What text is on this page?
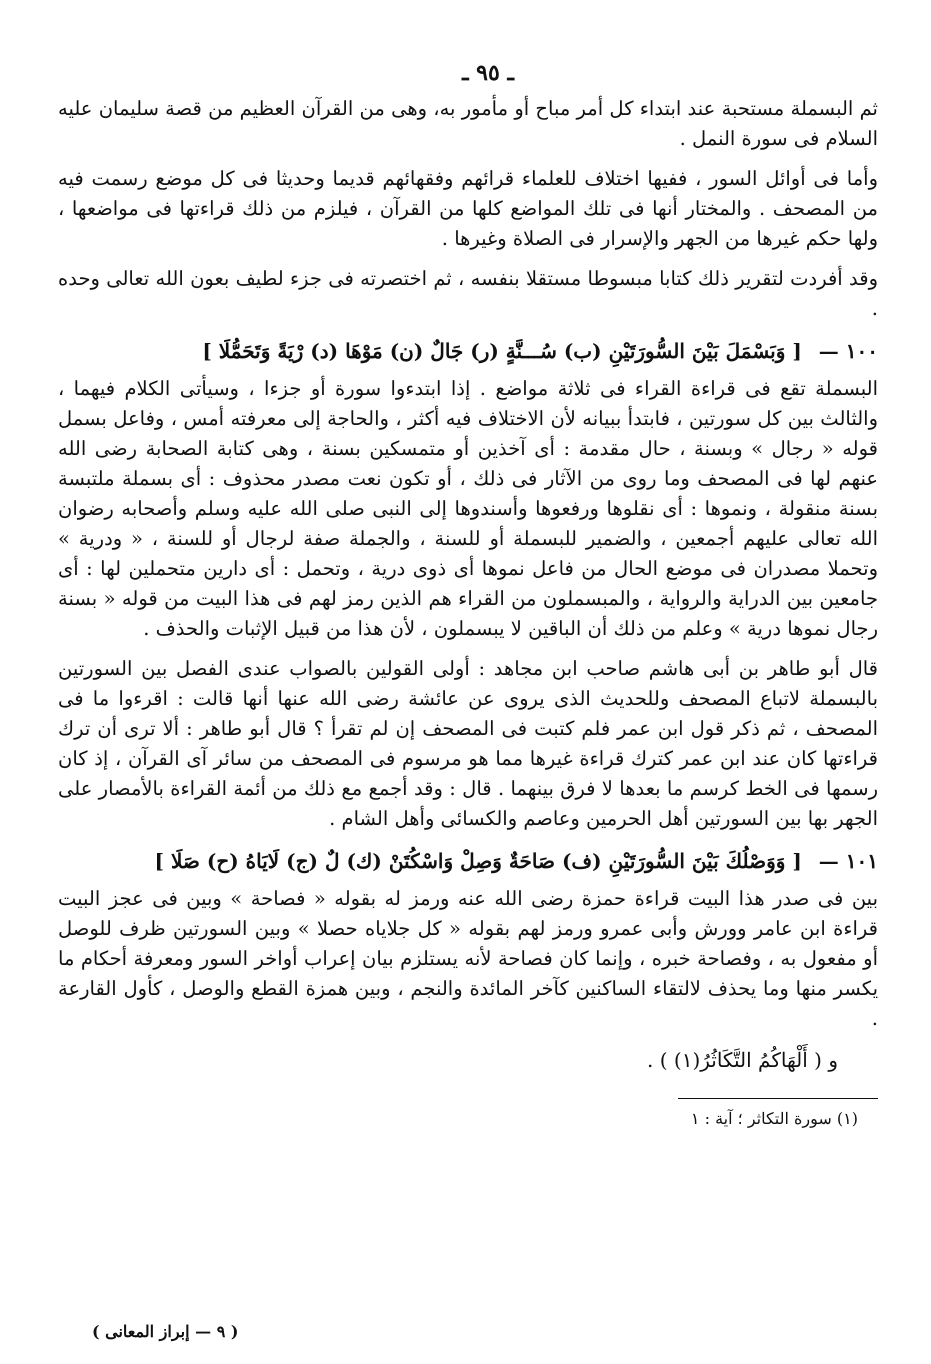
ـ ٩٥ ـ

ثم البسملة مستحبة عند ابتداء كل أمر مباح أو مأمور به، وهى من القرآن العظيم من قصة سليمان عليه السلام فى سورة النمل .

وأما فى أوائل السور ، ففيها اختلاف للعلماء قرائهم وفقهائهم قديما وحديثا فى كل موضع رسمت فيه من المصحف . والمختار أنها فى تلك المواضع كلها من القرآن ، فيلزم من ذلك قراءتها فى مواضعها ، ولها حكم غيرها من الجهر والإسرار فى الصلاة وغيرها .

وقد أفردت لتقرير ذلك كتابا مبسوطا مستقلا بنفسه ، ثم اختصرته فى جزء لطيف بعون الله تعالى وحده .

١٠٠ — [ وَبَسْمَلَ بَيْنَ السُّورَتَيْنِ (ب) سُـــنَّةٍ (ر) جَالٌ (ن) مَوْهَا (د) رْيَةً وَتَحَمُّلَا ]

البسملة تقع فى قراءة القراء فى ثلاثة مواضع . إذا ابتدءوا سورة أو جزءا ، وسيأتى الكلام فيهما ، والثالث بين كل سورتين ، فابتدأ ببيانه لأن الاختلاف فيه أكثر ، والحاجة إلى معرفته أمس ، وفاعل بسمل قوله « رجال » وبسنة ، حال مقدمة : أى آخذين أو متمسكين بسنة ، وهى كتابة الصحابة رضى الله عنهم لها فى المصحف وما روى من الآثار فى ذلك ، أو تكون نعت مصدر محذوف : أى بسملة ملتبسة بسنة منقولة ، ونموها : أى نقلوها ورفعوها وأسندوها إلى النبى صلى الله عليه وسلم وأصحابه رضوان الله تعالى عليهم أجمعين ، والضمير للبسملة أو للسنة ، والجملة صفة لرجال أو للسنة ، « ودرية » وتحملا مصدران فى موضع الحال من فاعل نموها أى ذوى درية ، وتحمل : أى دارين متحملين لها : أى جامعين بين الدراية والرواية ، والمبسملون من القراء هم الذين رمز لهم فى هذا البيت من قوله « بسنة رجال نموها درية » وعلم من ذلك أن الباقين لا يبسملون ، لأن هذا من قبيل الإثبات والحذف .

قال أبو طاهر بن أبى هاشم صاحب ابن مجاهد : أولى القولين بالصواب عندى الفصل بين السورتين بالبسملة لاتباع المصحف وللحديث الذى يروى عن عائشة رضى الله عنها أنها قالت : اقرءوا ما فى المصحف ، ثم ذكر قول ابن عمر فلم كتبت فى المصحف إن لم تقرأ ؟ قال أبو طاهر : ألا ترى أن ترك قراءتها كان عند ابن عمر كترك قراءة غيرها مما هو مرسوم فى المصحف من سائر آى القرآن ، إذ كان رسمها فى الخط كرسم ما بعدها لا فرق بينهما . قال : وقد أجمع مع ذلك من أئمة القراءة بالأمصار على الجهر بها بين السورتين أهل الحرمين وعاصم والكسائى وأهل الشام .

١٠١ — [ وَوَصْلُكَ بَيْنَ السُّورَتَيْنِ (ف) صَاحَةٌ وَصِلْ وَاسْكُتَنْ (ك) لٌ (ج) لَايَاهُ (ح) صَلَا ]

بين فى صدر هذا البيت قراءة حمزة رضى الله عنه ورمز له بقوله « فصاحة » وبين فى عجز البيت قراءة ابن عامر وورش وأبى عمرو ورمز لهم بقوله « كل جلاياه حصلا » وبين السورتين ظرف للوصل أو مفعول به ، وفصاحة خبره ، وإنما كان فصاحة لأنه يستلزم بيان إعراب أواخر السور ومعرفة أحكام ما يكسر منها وما يحذف لالتقاء الساكنين كآخر المائدة والنجم ، وبين همزة القطع والوصل ، كأول القارعة .

و ( أَلْهَاكُمُ التَّكَاثُرُ(١) ) .
(١) سورة التكاثر ؛ آية : ١
( ٩ — إبراز المعانى )
